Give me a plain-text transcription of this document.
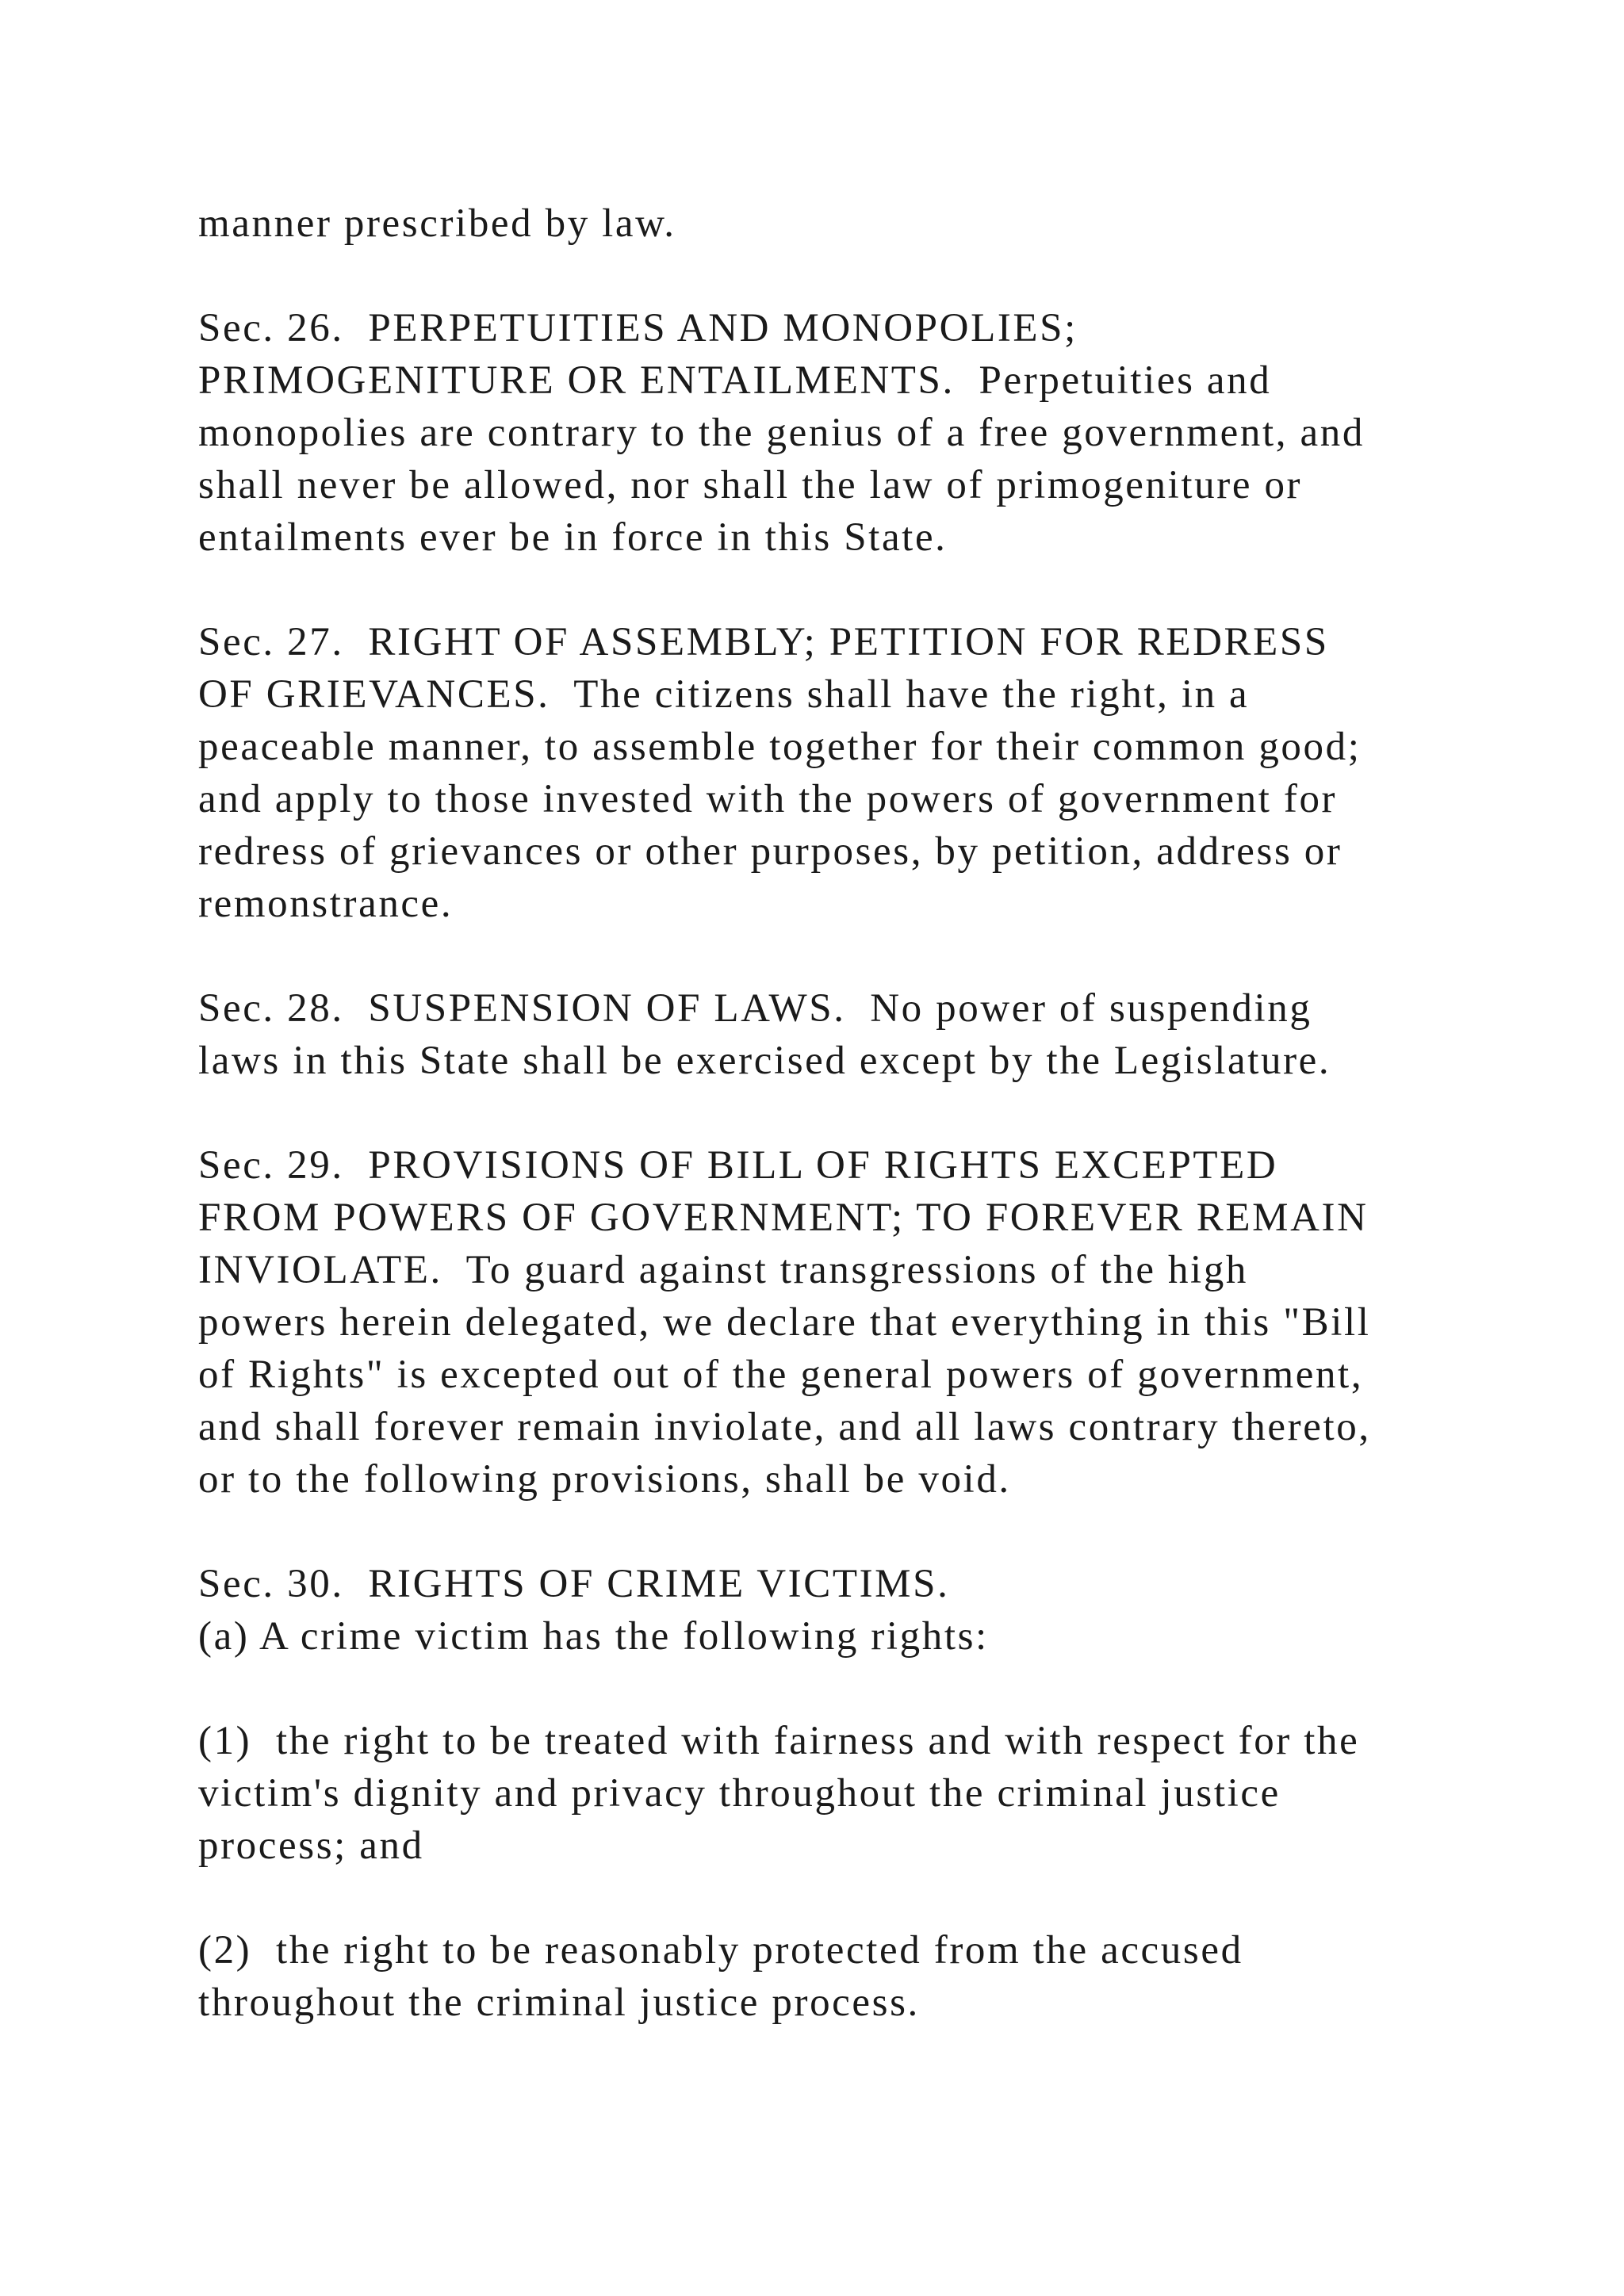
manner prescribed by law.

Sec. 26.  PERPETUITIES AND MONOPOLIES;

PRIMOGENITURE OR ENTAILMENTS.  Perpetuities and

monopolies are contrary to the genius of a free government, and

shall never be allowed, nor shall the law of primogeniture or

entailments ever be in force in this State.

Sec. 27.  RIGHT OF ASSEMBLY; PETITION FOR REDRESS

OF GRIEVANCES.  The citizens shall have the right, in a

peaceable manner, to assemble together for their common good;

and apply to those invested with the powers of government for

redress of grievances or other purposes, by petition, address or

remonstrance.

Sec. 28.  SUSPENSION OF LAWS.  No power of suspending

laws in this State shall be exercised except by the Legislature.

Sec. 29.  PROVISIONS OF BILL OF RIGHTS EXCEPTED

FROM POWERS OF GOVERNMENT; TO FOREVER REMAIN

INVIOLATE.  To guard against transgressions of the high

powers herein delegated, we declare that everything in this "Bill

of Rights" is excepted out of the general powers of government,

and shall forever remain inviolate, and all laws contrary thereto,

or to the following provisions, shall be void.

Sec. 30.  RIGHTS OF CRIME VICTIMS.

(a) A crime victim has the following rights:

(1)  the right to be treated with fairness and with respect for the

victim's dignity and privacy throughout the criminal justice

process; and

(2)  the right to be reasonably protected from the accused

throughout the criminal justice process.
